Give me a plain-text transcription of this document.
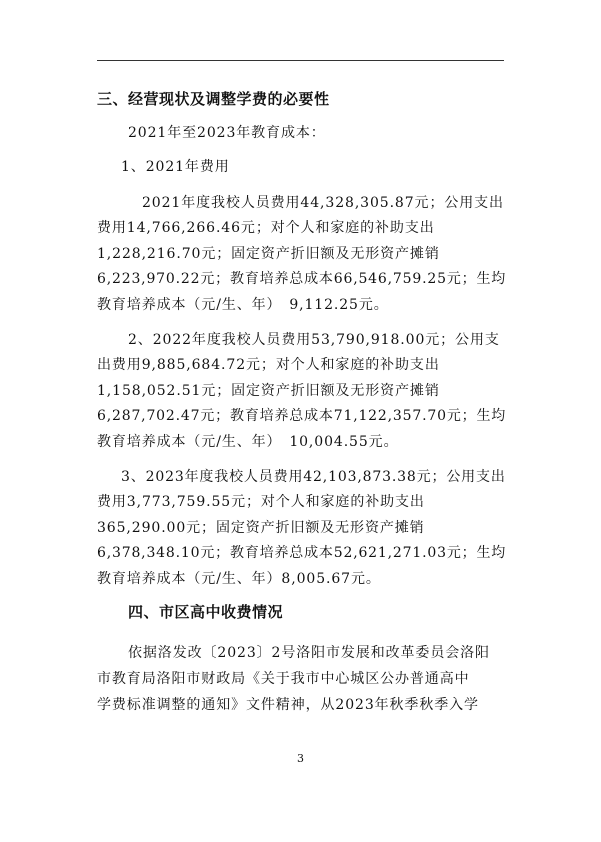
三、经营现状及调整学费的必要性
2021年至2023年教育成本：
1、2021年费用
2021年度我校人员费用44,328,305.87元；公用支出
费用14,766,266.46元；对个人和家庭的补助支出
1,228,216.70元；固定资产折旧额及无形资产摊销
6,223,970.22元；教育培养总成本66,546,759.25元；生均
教育培养成本（元/生、年）　9,112.25元。
2、2022年度我校人员费用53,790,918.00元；公用支
出费用9,885,684.72元；对个人和家庭的补助支出
1,158,052.51元；固定资产折旧额及无形资产摊销
6,287,702.47元；教育培养总成本71,122,357.70元；生均
教育培养成本（元/生、年）　10,004.55元。
3、2023年度我校人员费用42,103,873.38元；公用支出
费用3,773,759.55元；对个人和家庭的补助支出
365,290.00元；固定资产折旧额及无形资产摊销
6,378,348.10元；教育培养总成本52,621,271.03元；生均
教育培养成本（元/生、年）8,005.67元。
四、市区高中收费情况
依据洛发改〔2023〕2号洛阳市发展和改革委员会洛阳
市教育局洛阳市财政局《关于我市中心城区公办普通高中
学费标准调整的通知》文件精神，从2023年秋季秋季入学
3
